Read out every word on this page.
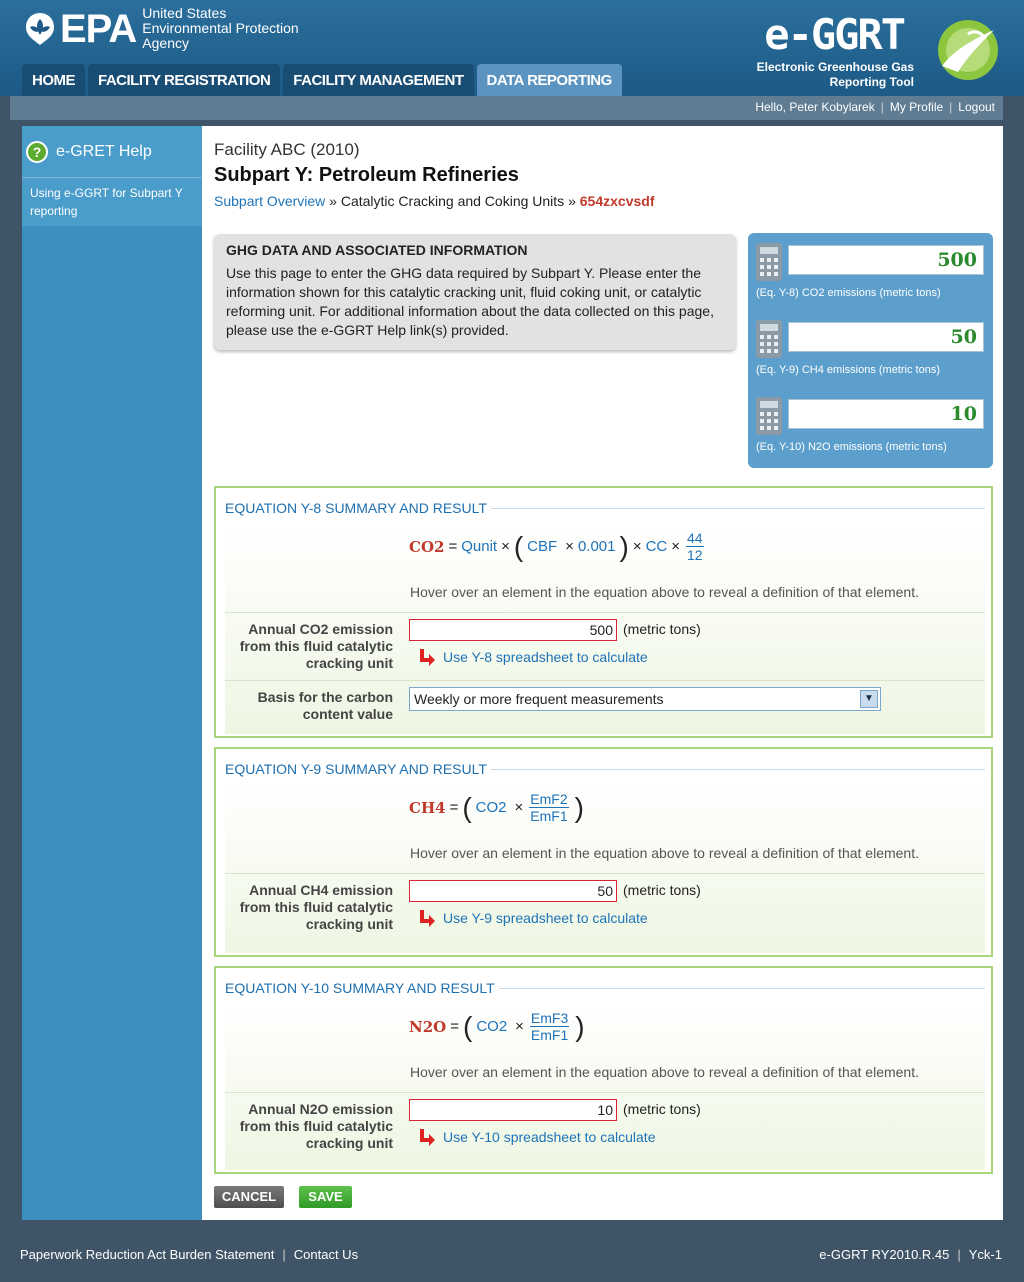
EPA United States
Environmental Protection
Agency	e-GGRT
Electronic Greenhouse Gas
Reporting Tool
HOME	FACILITY REGISTRATION	FACILITY MANAGEMENT	DATA REPORTING
Hello, Peter Kobylarek | My Profile | Logout
? e-GRET Help
Using e-GGRT for Subpart Y reporting
Facility ABC (2010)
Subpart Y: Petroleum Refineries
Subpart Overview » Catalytic Cracking and Coking Units » 654zxcvsdf
GHG DATA AND ASSOCIATED INFORMATION
Use this page to enter the GHG data required by Subpart Y. Please enter the information shown for this catalytic cracking unit, fluid coking unit, or catalytic reforming unit. For additional information about the data collected on this page, please use the e-GGRT Help link(s) provided.
500
(Eq. Y-8) CO2 emissions (metric tons)
50
(Eq. Y-9) CH4 emissions (metric tons)
10
(Eq. Y-10) N2O emissions (metric tons)
EQUATION Y-8 SUMMARY AND RESULT
CO2 = Qunit × ( CBF × 0.001 ) × CC × $\frac{44}{12}$
Hover over an element in the equation above to reveal a definition of that element.
Annual CO2 emission from this fluid catalytic cracking unit
500 (metric tons)
Use Y-8 spreadsheet to calculate
Basis for the carbon content value
Weekly or more frequent measurements	▼
EQUATION Y-9 SUMMARY AND RESULT
CH4 = ( $CO2 \times \frac{\text{EmF2}}{\text{EmF1}}$ )
Hover over an element in the equation above to reveal a definition of that element.
Annual CH4 emission from this fluid catalytic cracking unit
50 (metric tons)
Use Y-9 spreadsheet to calculate
EQUATION Y-10 SUMMARY AND RESULT
N2O = ( $CO2 \times \frac{\text{EmF3}}{\text{EmF1}}$ )
Hover over an element in the equation above to reveal a definition of that element.
Annual N2O emission from this fluid catalytic cracking unit
10 (metric tons)
Use Y-10 spreadsheet to calculate
CANCEL	SAVE
Paperwork Reduction Act Burden Statement | Contact Us	e-GGRT RY2010.R.45 | Yck-1
